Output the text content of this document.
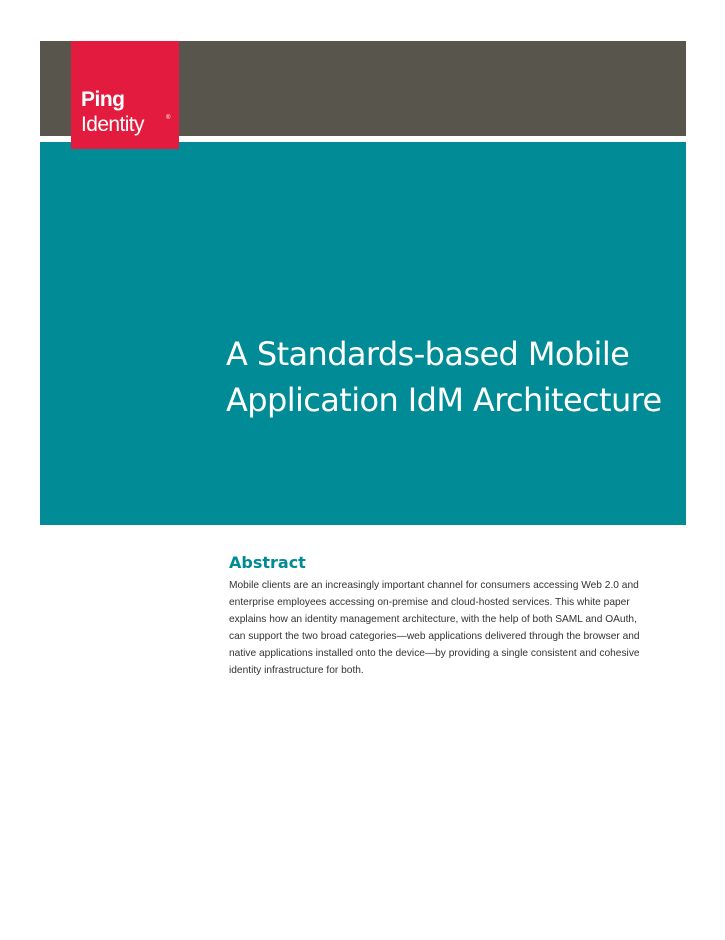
Ping
Identity	®
A Standards-based Mobile
Application IdM Architecture
Abstract

Mobile clients are an increasingly important channel for consumers accessing Web 2.0 and
enterprise employees accessing on-premise and cloud-hosted services. This white paper
explains how an identity management architecture, with the help of both SAML and OAuth,
can support the two broad categories—web applications delivered through the browser and
native applications installed onto the device—by providing a single consistent and cohesive
identity infrastructure for both.
